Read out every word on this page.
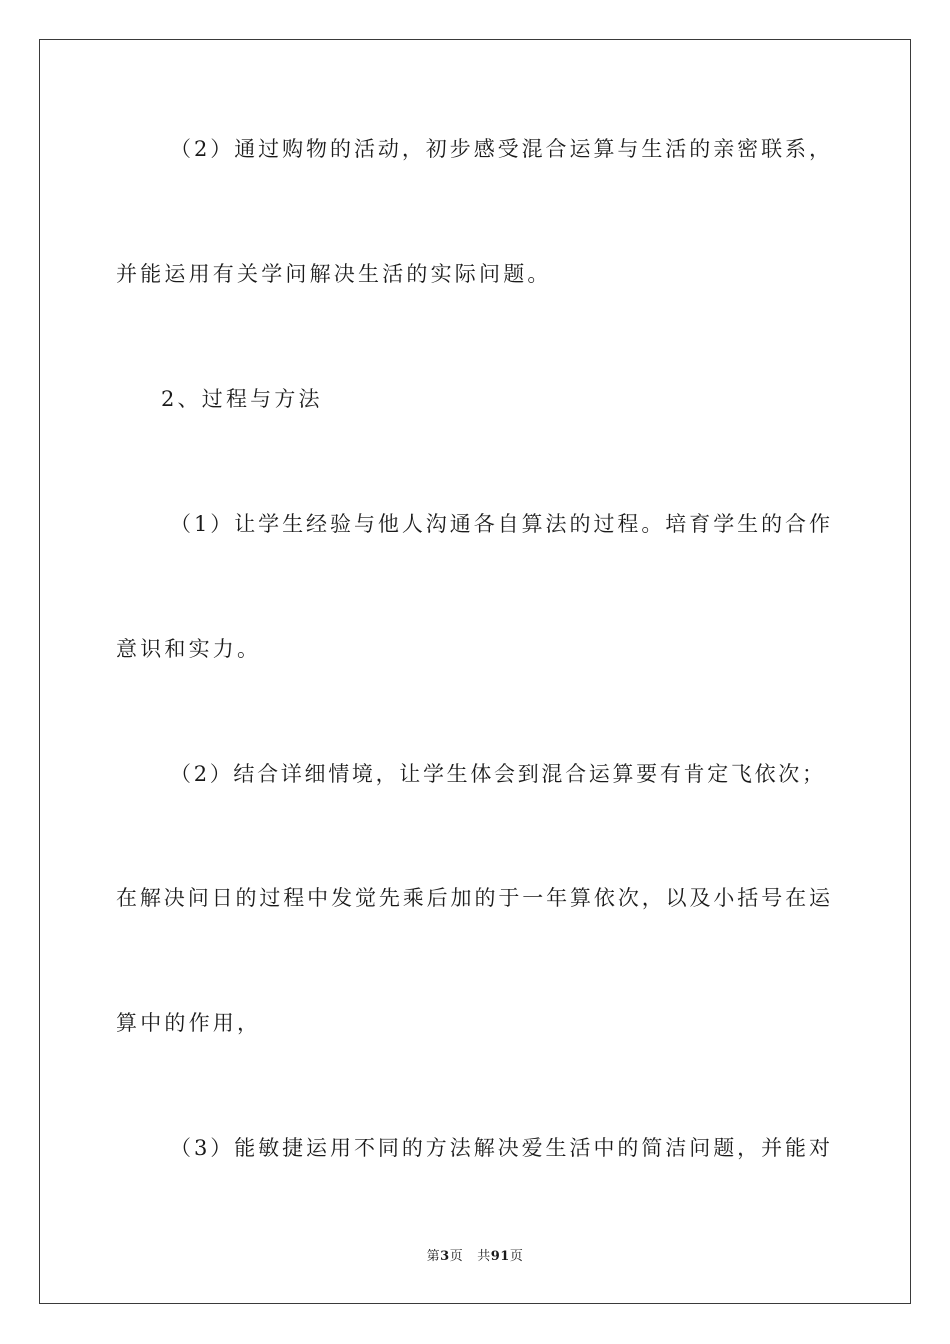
（2）通过购物的活动，初步感受混合运算与生活的亲密联系，
并能运用有关学问解决生活的实际问题。
2、过程与方法
（1）让学生经验与他人沟通各自算法的过程。培育学生的合作
意识和实力。
（2）结合详细情境，让学生体会到混合运算要有肯定飞依次；
在解决问日的过程中发觉先乘后加的于一年算依次，以及小括号在运
算中的作用，
（3）能敏捷运用不同的方法解决爱生活中的简洁问题，并能对
第3页 共91页
